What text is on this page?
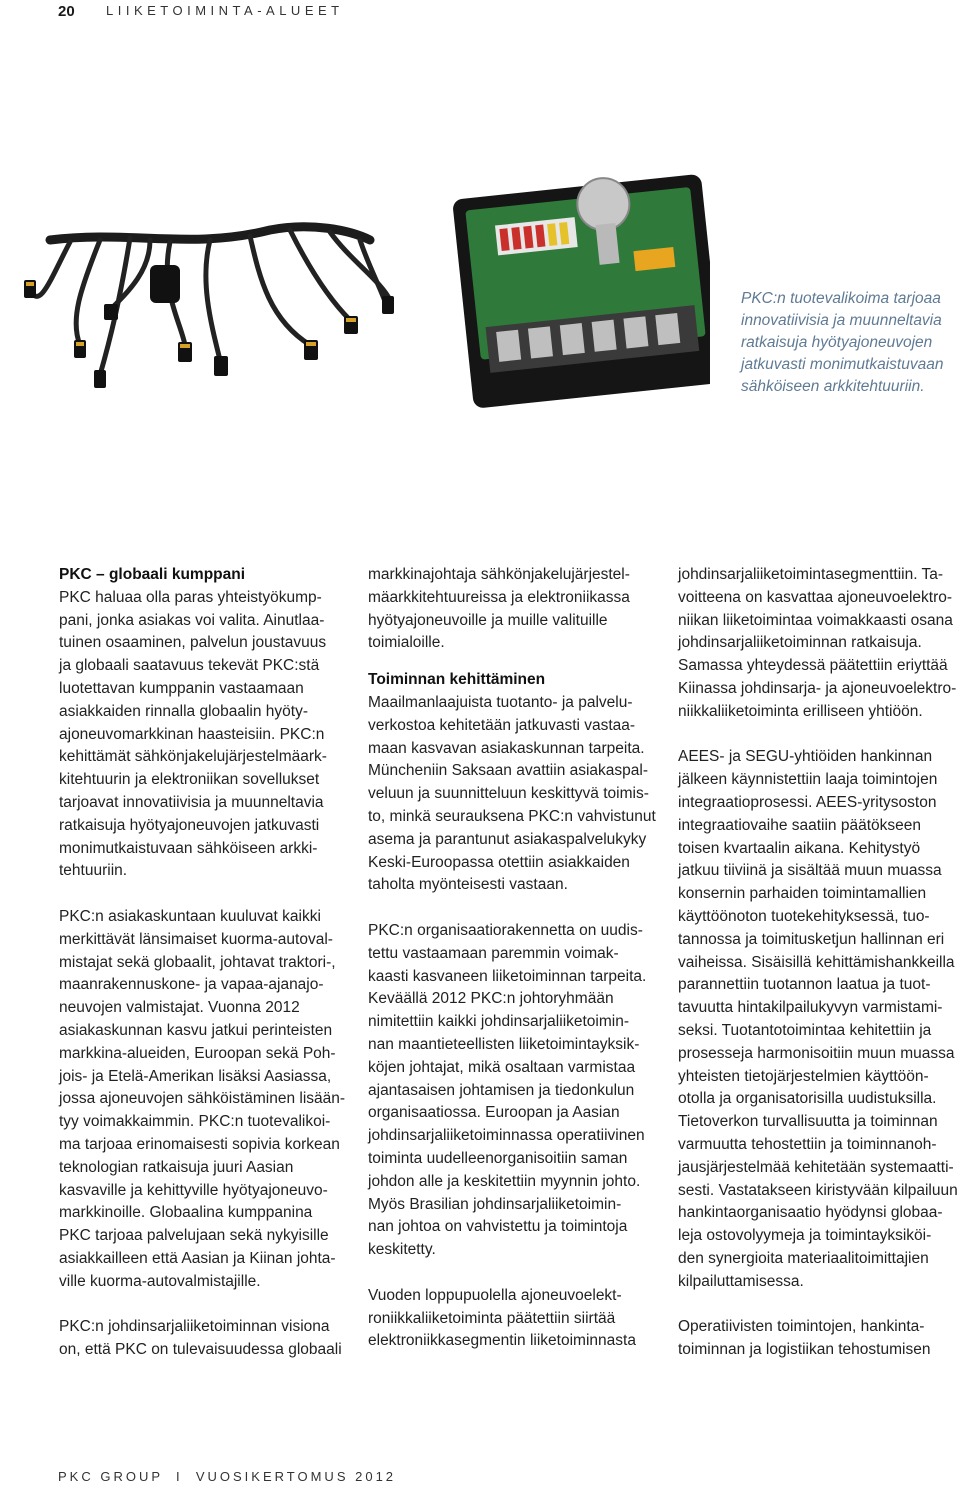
20 LIIKETOIMINTA-ALUEET
PKC:n tuotevalikoima tarjoaa
innovatiivisia ja muunneltavia
ratkaisuja hyötyajoneuvojen
jatkuvasti monimutkaistuvaan
sähköiseen arkkitehtuuriin.
PKC – globaali kumppani

PKC haluaa olla paras yhteistyökump-
pani, jonka asiakas voi valita. Ainutlaa-
tuinen osaaminen, palvelun joustavuus
ja globaali saatavuus tekevät PKC:stä
luotettavan kumppanin vastaamaan
asiakkaiden rinnalla globaalin hyöty-
ajoneuvomarkkinan haasteisiin. PKC:n
kehittämät sähkönjakelujärjestelmäark-
kitehtuurin ja elektroniikan sovellukset
tarjoavat innovatiivisia ja muunneltavia
ratkaisuja hyötyajoneuvojen jatkuvasti
monimutkaistuvaan sähköiseen arkki-
tehtuuriin.

PKC:n asiakaskuntaan kuuluvat kaikki
merkittävät länsimaiset kuorma-autoval-
mistajat sekä globaalit, johtavat traktori-,
maanrakennuskone- ja vapaa-ajanajo-
neuvojen valmistajat. Vuonna 2012
asiakaskunnan kasvu jatkui perinteisten
markkina-alueiden, Euroopan sekä Poh-
jois- ja Etelä-Amerikan lisäksi Aasiassa,
jossa ajoneuvojen sähköistäminen lisään-
tyy voimakkaimmin. PKC:n tuotevalikoi-
ma tarjoaa erinomaisesti sopivia korkean
teknologian ratkaisuja juuri Aasian
kasvaville ja kehittyville hyötyajoneuvo-
markkinoille. Globaalina kumppanina
PKC tarjoaa palvelujaan sekä nykyisille
asiakkailleen että Aasian ja Kiinan johta-
ville kuorma-autovalmistajille.

PKC:n johdinsarjaliiketoiminnan visiona
on, että PKC on tulevaisuudessa globaali

markkinajohtaja sähkönjakelujärjestel-
mäarkkitehtuureissa ja elektroniikassa
hyötyajoneuvoille ja muille valituille
toimialoille.

Toiminnan kehittäminen

Maailmanlaajuista tuotanto- ja palvelu-
verkostoa kehitetään jatkuvasti vastaa-
maan kasvavan asiakaskunnan tarpeita.
Müncheniin Saksaan avattiin asiakaspal-
veluun ja suunnitteluun keskittyvä toimis-
to, minkä seurauksena PKC:n vahvistunut
asema ja parantunut asiakaspalvelukyky
Keski-Euroopassa otettiin asiakkaiden
taholta myönteisesti vastaan.

PKC:n organisaatiorakennetta on uudis-
tettu vastaamaan paremmin voimak-
kaasti kasvaneen liiketoiminnan tarpeita.
Keväällä 2012 PKC:n johtoryhmään
nimitettiin kaikki johdinsarjaliiketoimin-
nan maantieteellisten liiketoimintayksik-
köjen johtajat, mikä osaltaan varmistaa
ajantasaisen johtamisen ja tiedonkulun
organisaatiossa. Euroopan ja Aasian
johdinsarjaliiketoiminnassa operatiivinen
toiminta uudelleenorganisoitiin saman
johdon alle ja keskitettiin myynnin johto.
Myös Brasilian johdinsarjaliiketoimin-
nan johtoa on vahvistettu ja toimintoja
keskitetty.

Vuoden loppupuolella ajoneuvoelekt-
roniikkaliiketoiminta päätettiin siirtää
elektroniikkasegmentin liiketoiminnasta

johdinsarjaliiketoimintasegmenttiin. Ta-
voitteena on kasvattaa ajoneuvoelektro-
niikan liiketoimintaa voimakkaasti osana
johdinsarjaliiketoiminnan ratkaisuja.
Samassa yhteydessä päätettiin eriyttää
Kiinassa johdinsarja- ja ajoneuvoelektro-
niikkaliiketoiminta erilliseen yhtiöön.

AEES- ja SEGU-yhtiöiden hankinnan
jälkeen käynnistettiin laaja toimintojen
integraatioprosessi. AEES-yritysoston
integraatiovaihe saatiin päätökseen
toisen kvartaalin aikana. Kehitystyö
jatkuu tiiviinä ja sisältää muun muassa
konsernin parhaiden toimintamallien
käyttöönoton tuotekehityksessä, tuo-
tannossa ja toimitusketjun hallinnan eri
vaiheissa. Sisäisillä kehittämishankkeilla
parannettiin tuotannon laatua ja tuot-
tavuutta hintakilpailukyvyn varmistami-
seksi. Tuotantotoimintaa kehitettiin ja
prosesseja harmonisoitiin muun muassa
yhteisten tietojärjestelmien käyttöön-
otolla ja organisatorisilla uudistuksilla.
Tietoverkon turvallisuutta ja toiminnan
varmuutta tehostettiin ja toiminnanoh-
jausjärjestelmää kehitetään systemaatti-
sesti. Vastatakseen kiristyvään kilpailuun
hankintaorganisaatio hyödynsi globaa-
leja ostovolyymeja ja toimintayksiköi-
den synergioita materiaalitoimittajien
kilpailuttamisessa.

Operatiivisten toimintojen, hankinta-
toiminnan ja logistiikan tehostumisen

PKC GROUP  I  VUOSIKERTOMUS 2012
